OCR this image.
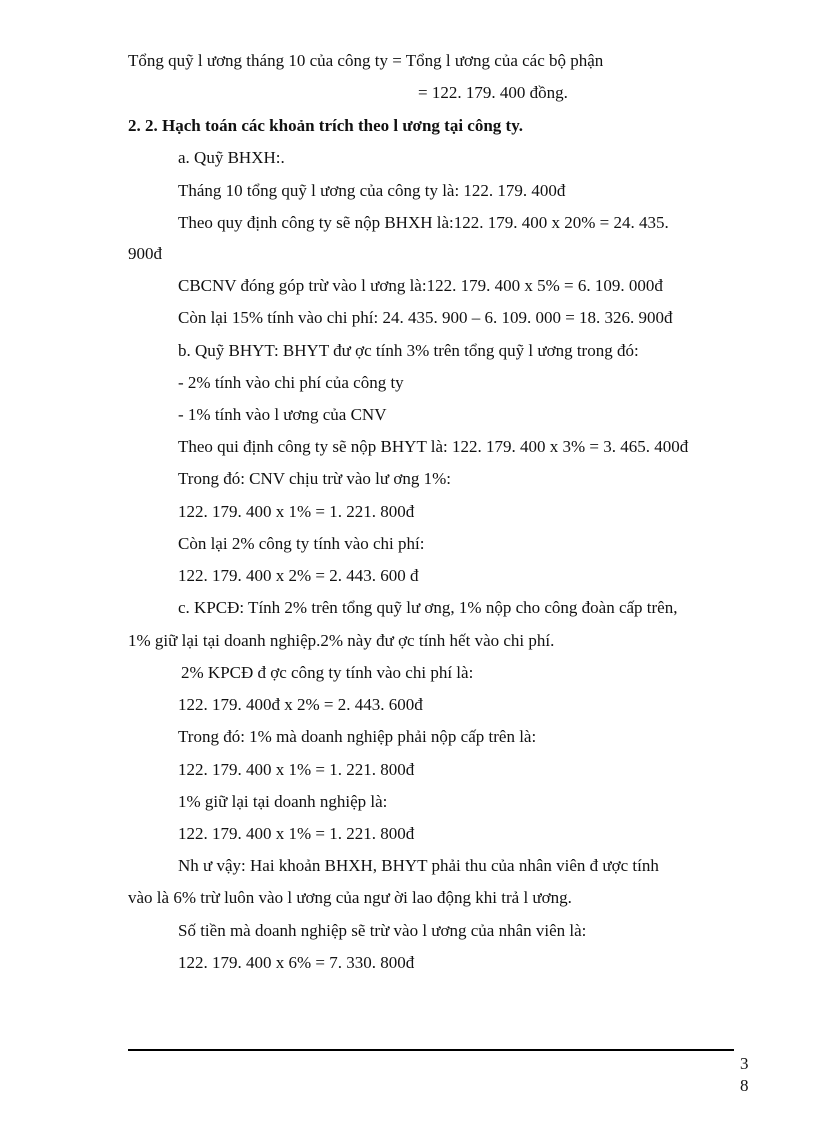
Tổng quỹ l ương tháng 10 của công ty = Tổng l ương của các bộ phận
= 122. 179. 400 đồng.
2. 2. Hạch toán các khoản trích theo l ương tại công ty.
a. Quỹ BHXH:.
Tháng 10 tổng quỹ l ương của công ty là: 122. 179. 400đ
Theo quy định công ty sẽ nộp BHXH là:122. 179. 400 x 20% = 24. 435.
900đ
CBCNV đóng góp trừ vào l ương là:122. 179. 400 x 5% = 6. 109. 000đ
Còn lại 15% tính vào chi phí: 24. 435. 900 – 6. 109. 000 = 18. 326. 900đ
b. Quỹ BHYT: BHYT đư ợc tính 3% trên tổng quỹ l ương trong đó:
- 2% tính vào chi phí của công ty
- 1% tính vào l ương của CNV
Theo qui định công ty sẽ nộp BHYT là: 122. 179. 400 x 3% = 3. 465. 400đ
Trong đó: CNV chịu trừ vào lư ơng 1%:
122. 179. 400 x 1% = 1. 221. 800đ
Còn lại 2% công ty tính vào chi phí:
122. 179. 400 x 2% = 2. 443. 600 đ
c. KPCĐ: Tính 2% trên tổng quỹ lư ơng, 1% nộp cho công đoàn cấp trên,
1% giữ lại tại doanh nghiệp.2% này đư ợc tính hết vào chi phí.
2% KPCĐ đ ợc công ty tính vào chi phí là:
122. 179. 400đ x 2% = 2. 443. 600đ
Trong đó: 1% mà doanh nghiệp phải nộp cấp trên là:
122. 179. 400 x 1% = 1. 221. 800đ
1% giữ lại tại doanh nghiệp là:
122. 179. 400 x 1% = 1. 221. 800đ
Nh ư vậy: Hai khoản BHXH, BHYT phải thu của nhân viên đ ược tính
vào là 6% trừ luôn vào l ương của ngư ời lao động khi trả l ương.
Số tiền mà doanh nghiệp sẽ trừ vào l ương của nhân viên là:
122. 179. 400 x 6% = 7. 330. 800đ
3
8
